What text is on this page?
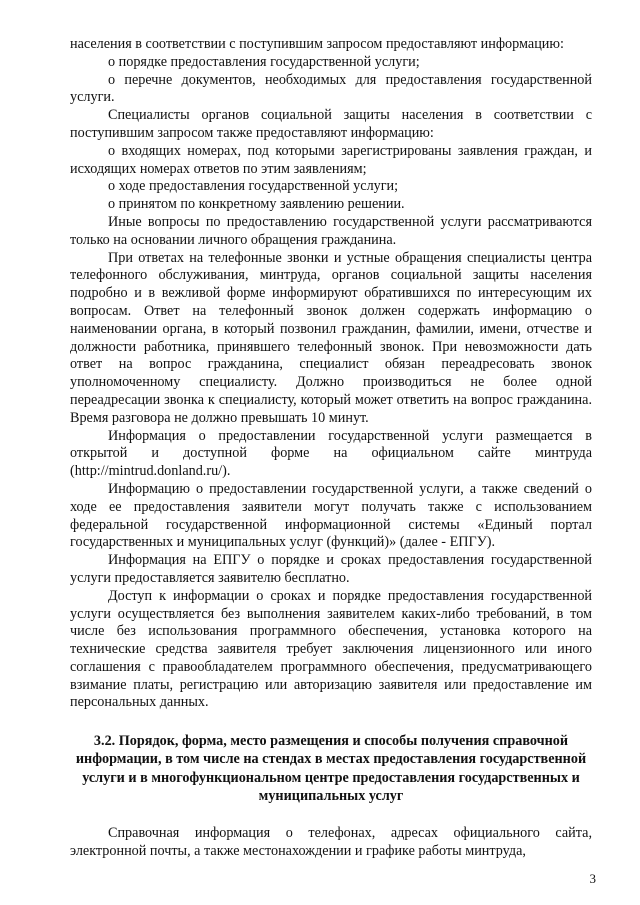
населения в соответствии с поступившим запросом предоставляют информацию:

о порядке предоставления государственной услуги;

о перечне документов, необходимых для предоставления государственной услуги.

Специалисты органов социальной защиты населения в соответствии с поступившим запросом также предоставляют информацию:

о входящих номерах, под которыми зарегистрированы заявления граждан, и исходящих номерах ответов по этим заявлениям;

о ходе предоставления государственной услуги;

о принятом по конкретному заявлению решении.

Иные вопросы по предоставлению государственной услуги рассматриваются только на основании личного обращения гражданина.

При ответах на телефонные звонки и устные обращения специалисты центра телефонного обслуживания, минтруда, органов социальной защиты населения подробно и в вежливой форме информируют обратившихся по интересующим их вопросам. Ответ на телефонный звонок должен содержать информацию о наименовании органа, в который позвонил гражданин, фамилии, имени, отчестве и должности работника, принявшего телефонный звонок. При невозможности дать ответ на вопрос гражданина, специалист обязан переадресовать звонок уполномоченному специалисту. Должно производиться не более одной переадресации звонка к специалисту, который может ответить на вопрос гражданина. Время разговора не должно превышать 10 минут.

Информация о предоставлении государственной услуги размещается в открытой и доступной форме на официальном сайте минтруда (http://mintrud.donland.ru/).

Информацию о предоставлении государственной услуги, а также сведений о ходе ее предоставления заявители могут получать также с использованием федеральной государственной информационной системы «Единый портал государственных и муниципальных услуг (функций)» (далее - ЕПГУ).

Информация на ЕПГУ о порядке и сроках предоставления государственной услуги предоставляется заявителю бесплатно.

Доступ к информации о сроках и порядке предоставления государственной услуги осуществляется без выполнения заявителем каких-либо требований, в том числе без использования программного обеспечения, установка которого на технические средства заявителя требует заключения лицензионного или иного соглашения с правообладателем программного обеспечения, предусматривающего взимание платы, регистрацию или авторизацию заявителя или предоставление им персональных данных.

3.2. Порядок, форма, место размещения и способы получения справочной информации, в том числе на стендах в местах предоставления государственной услуги и в многофункциональном центре предоставления государственных и муниципальных услуг

Справочная информация о телефонах, адресах официального сайта, электронной почты, а также местонахождении и графике работы минтруда,

3
